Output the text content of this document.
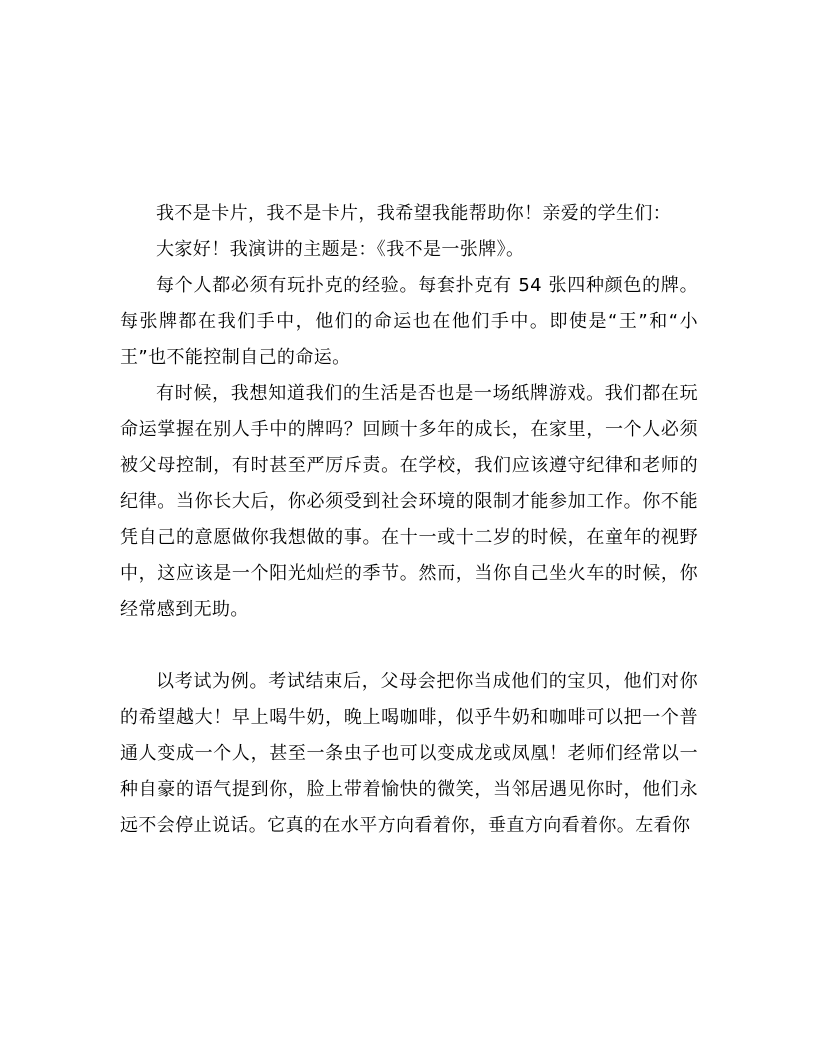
我不是卡片，我不是卡片，我希望我能帮助你！亲爱的学生们：

大家好！我演讲的主题是：《我不是一张牌》。

每个人都必须有玩扑克的经验。每套扑克有 54 张四种颜色的牌。每张牌都在我们手中，他们的命运也在他们手中。即使是“王”和“小王”也不能控制自己的命运。

有时候，我想知道我们的生活是否也是一场纸牌游戏。我们都在玩命运掌握在别人手中的牌吗？回顾十多年的成长，在家里，一个人必须被父母控制，有时甚至严厉斥责。在学校，我们应该遵守纪律和老师的纪律。当你长大后，你必须受到社会环境的限制才能参加工作。你不能凭自己的意愿做你我想做的事。在十一或十二岁的时候，在童年的视野中，这应该是一个阳光灿烂的季节。然而，当你自己坐火车的时候，你经常感到无助。

以考试为例。考试结束后，父母会把你当成他们的宝贝，他们对你的希望越大！早上喝牛奶，晚上喝咖啡，似乎牛奶和咖啡可以把一个普通人变成一个人，甚至一条虫子也可以变成龙或凤凰！老师们经常以一种自豪的语气提到你，脸上带着愉快的微笑，当邻居遇见你时，他们永远不会停止说话。它真的在水平方向看着你，垂直方向看着你。左看你
